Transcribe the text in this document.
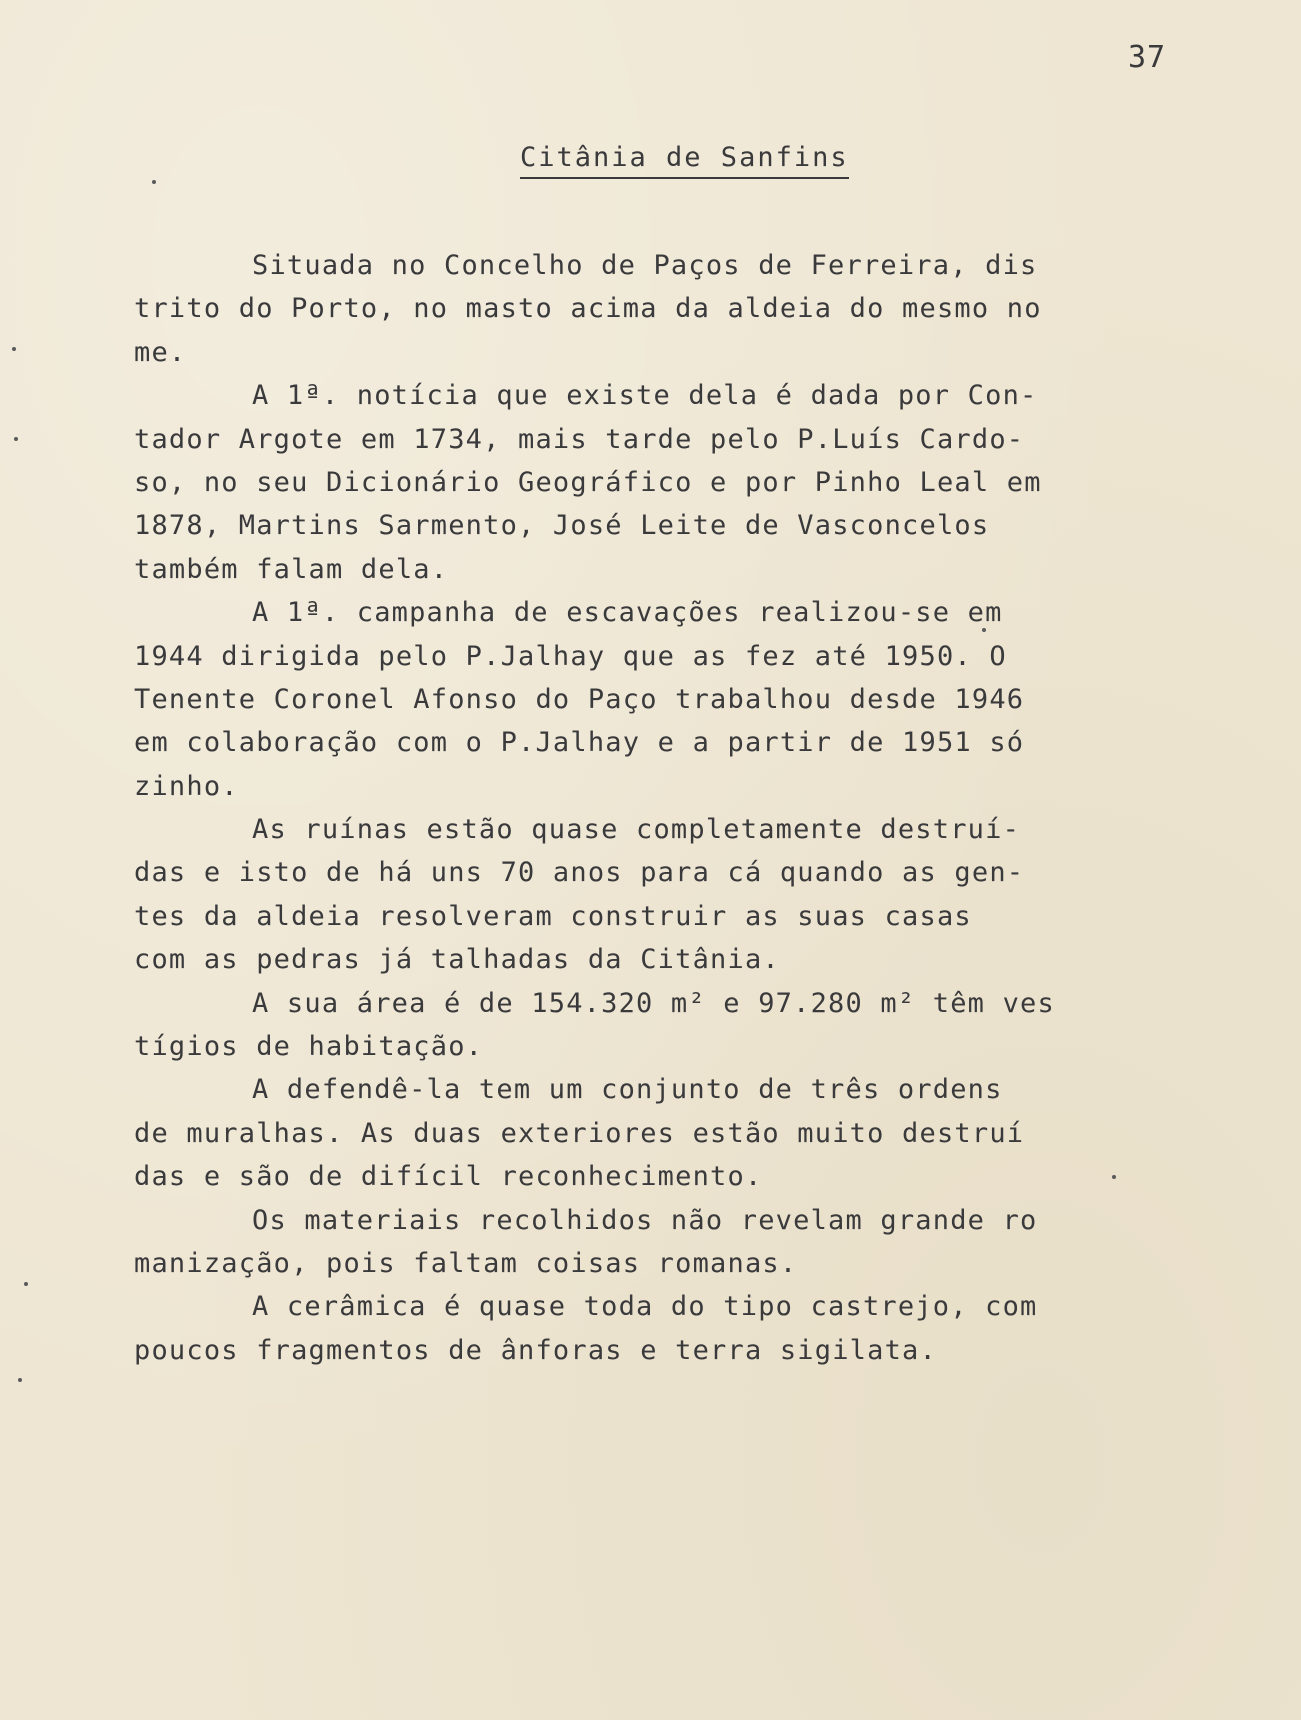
37
Citânia de Sanfins
Situada no Concelho de Paços de Ferreira, dis
trito do Porto, no masto acima da aldeia do mesmo no
me.
A 1ª. notícia que existe dela é dada por Con-
tador Argote em 1734, mais tarde pelo P.Luís Cardo-
so, no seu Dicionário Geográfico e por Pinho Leal em
1878, Martins Sarmento, José Leite de Vasconcelos
também falam dela.
A 1ª. campanha de escavações realizou-se em
1944 dirigida pelo P.Jalhay que as fez até 1950. O
Tenente Coronel Afonso do Paço trabalhou desde 1946
em colaboração com o P.Jalhay e a partir de 1951 só
zinho.
As ruínas estão quase completamente destruí-
das e isto de há uns 70 anos para cá quando as gen-
tes da aldeia resolveram construir as suas casas
com as pedras já talhadas da Citânia.
A sua área é de 154.320 m² e 97.280 m² têm ves
tígios de habitação.
A defendê-la tem um conjunto de três ordens
de muralhas. As duas exteriores estão muito destruí
das e são de difícil reconhecimento.
Os materiais recolhidos não revelam grande ro
manização, pois faltam coisas romanas.
A cerâmica é quase toda do tipo castrejo, com
poucos fragmentos de ânforas e terra sigilata.
